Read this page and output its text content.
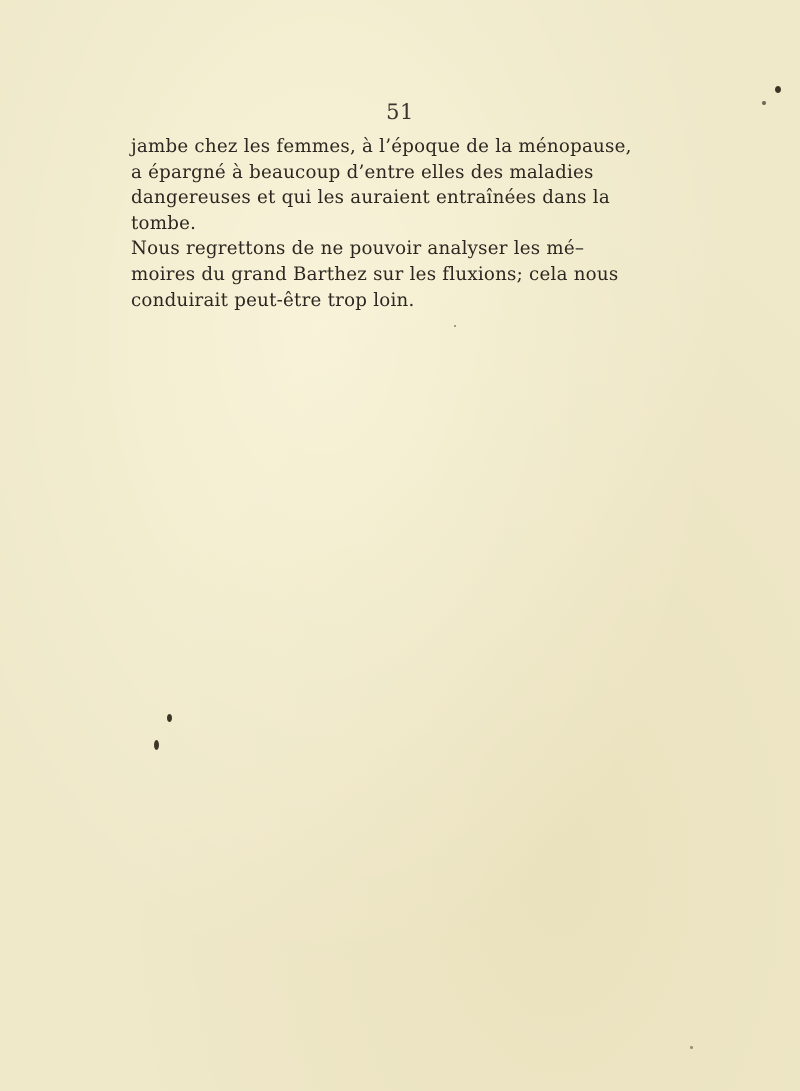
51
jambe chez les femmes, à l’époque de la ménopause,
a épargné à beaucoup d’entre elles des maladies
dangereuses et qui les auraient entraînées dans la
tombe.
Nous regrettons de ne pouvoir analyser les mé–
moires du grand Barthez sur les fluxions; cela nous
conduirait peut-être trop loin.
